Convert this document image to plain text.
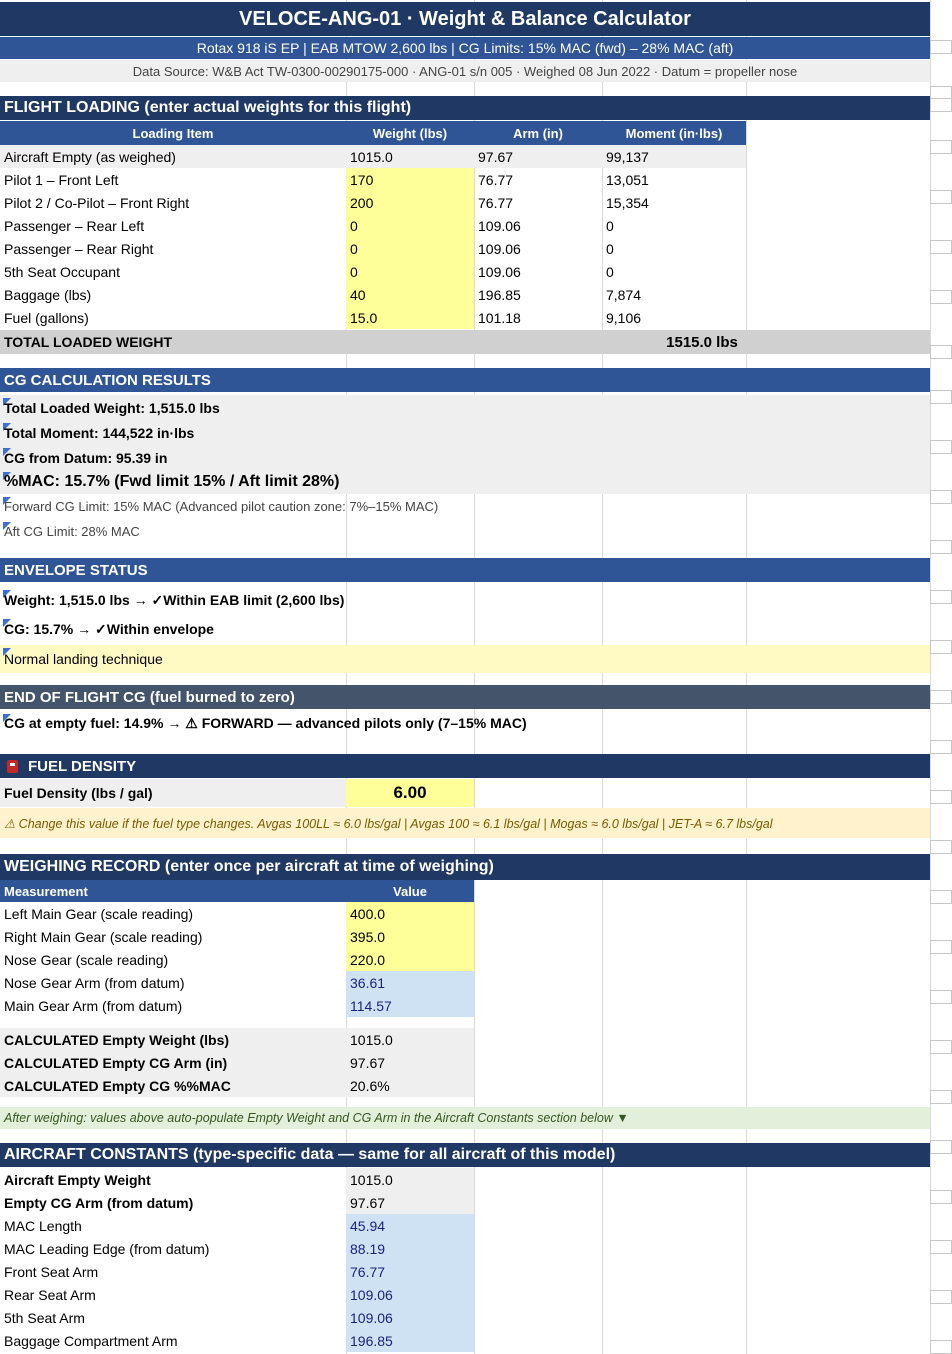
VELOCE-ANG-01 · Weight & Balance Calculator
Rotax 918 iS EP | EAB MTOW 2,600 lbs | CG Limits: 15% MAC (fwd) – 28% MAC (aft)
Data Source: W&B Act TW-0300-00290175-000 · ANG-01 s/n 005 · Weighed 08 Jun 2022 · Datum = propeller nose
FLIGHT LOADING (enter actual weights for this flight)
Loading Item	Weight (lbs)	Arm (in)	Moment (in·lbs)
Aircraft Empty (as weighed)	1015.0	97.67	99,137
Pilot 1 – Front Left	170	76.77	13,051
Pilot 2 / Co-Pilot – Front Right	200	76.77	15,354
Passenger – Rear Left	0	109.06	0
Passenger – Rear Right	0	109.06	0
5th Seat Occupant	0	109.06	0
Baggage (lbs)	40	196.85	7,874
Fuel (gallons)	15.0	101.18	9,106
TOTAL LOADED WEIGHT	1515.0 lbs
CG CALCULATION RESULTS
Total Loaded Weight: 1,515.0 lbs
Total Moment: 144,522 in·lbs
CG from Datum: 95.39 in
%MAC: 15.7% (Fwd limit 15% / Aft limit 28%)
Forward CG Limit: 15% MAC (Advanced pilot caution zone: 7%–15% MAC)
Aft CG Limit: 28% MAC
ENVELOPE STATUS
Weight: 1,515.0 lbs → ✓Within EAB limit (2,600 lbs)
CG: 15.7% → ✓Within envelope
Normal landing technique
END OF FLIGHT CG (fuel burned to zero)
CG at empty fuel: 14.9% → ⚠ FORWARD — advanced pilots only (7–15% MAC)
FUEL DENSITY
Fuel Density (lbs / gal)	6.00
⚠ Change this value if the fuel type changes. Avgas 100LL ≈ 6.0 lbs/gal | Avgas 100 ≈ 6.1 lbs/gal | Mogas ≈ 6.0 lbs/gal | JET-A ≈ 6.7 lbs/gal
WEIGHING RECORD (enter once per aircraft at time of weighing)
Measurement	Value
Left Main Gear (scale reading)	400.0
Right Main Gear (scale reading)	395.0
Nose Gear (scale reading)	220.0
Nose Gear Arm (from datum)	36.61
Main Gear Arm (from datum)	114.57
CALCULATED Empty Weight (lbs)	1015.0
CALCULATED Empty CG Arm (in)	97.67
CALCULATED Empty CG %%MAC	20.6%
After weighing: values above auto-populate Empty Weight and CG Arm in the Aircraft Constants section below ▼
AIRCRAFT CONSTANTS (type-specific data — same for all aircraft of this model)
Aircraft Empty Weight	1015.0
Empty CG Arm (from datum)	97.67
MAC Length	45.94
MAC Leading Edge (from datum)	88.19
Front Seat Arm	76.77
Rear Seat Arm	109.06
5th Seat Arm	109.06
Baggage Compartment Arm	196.85
